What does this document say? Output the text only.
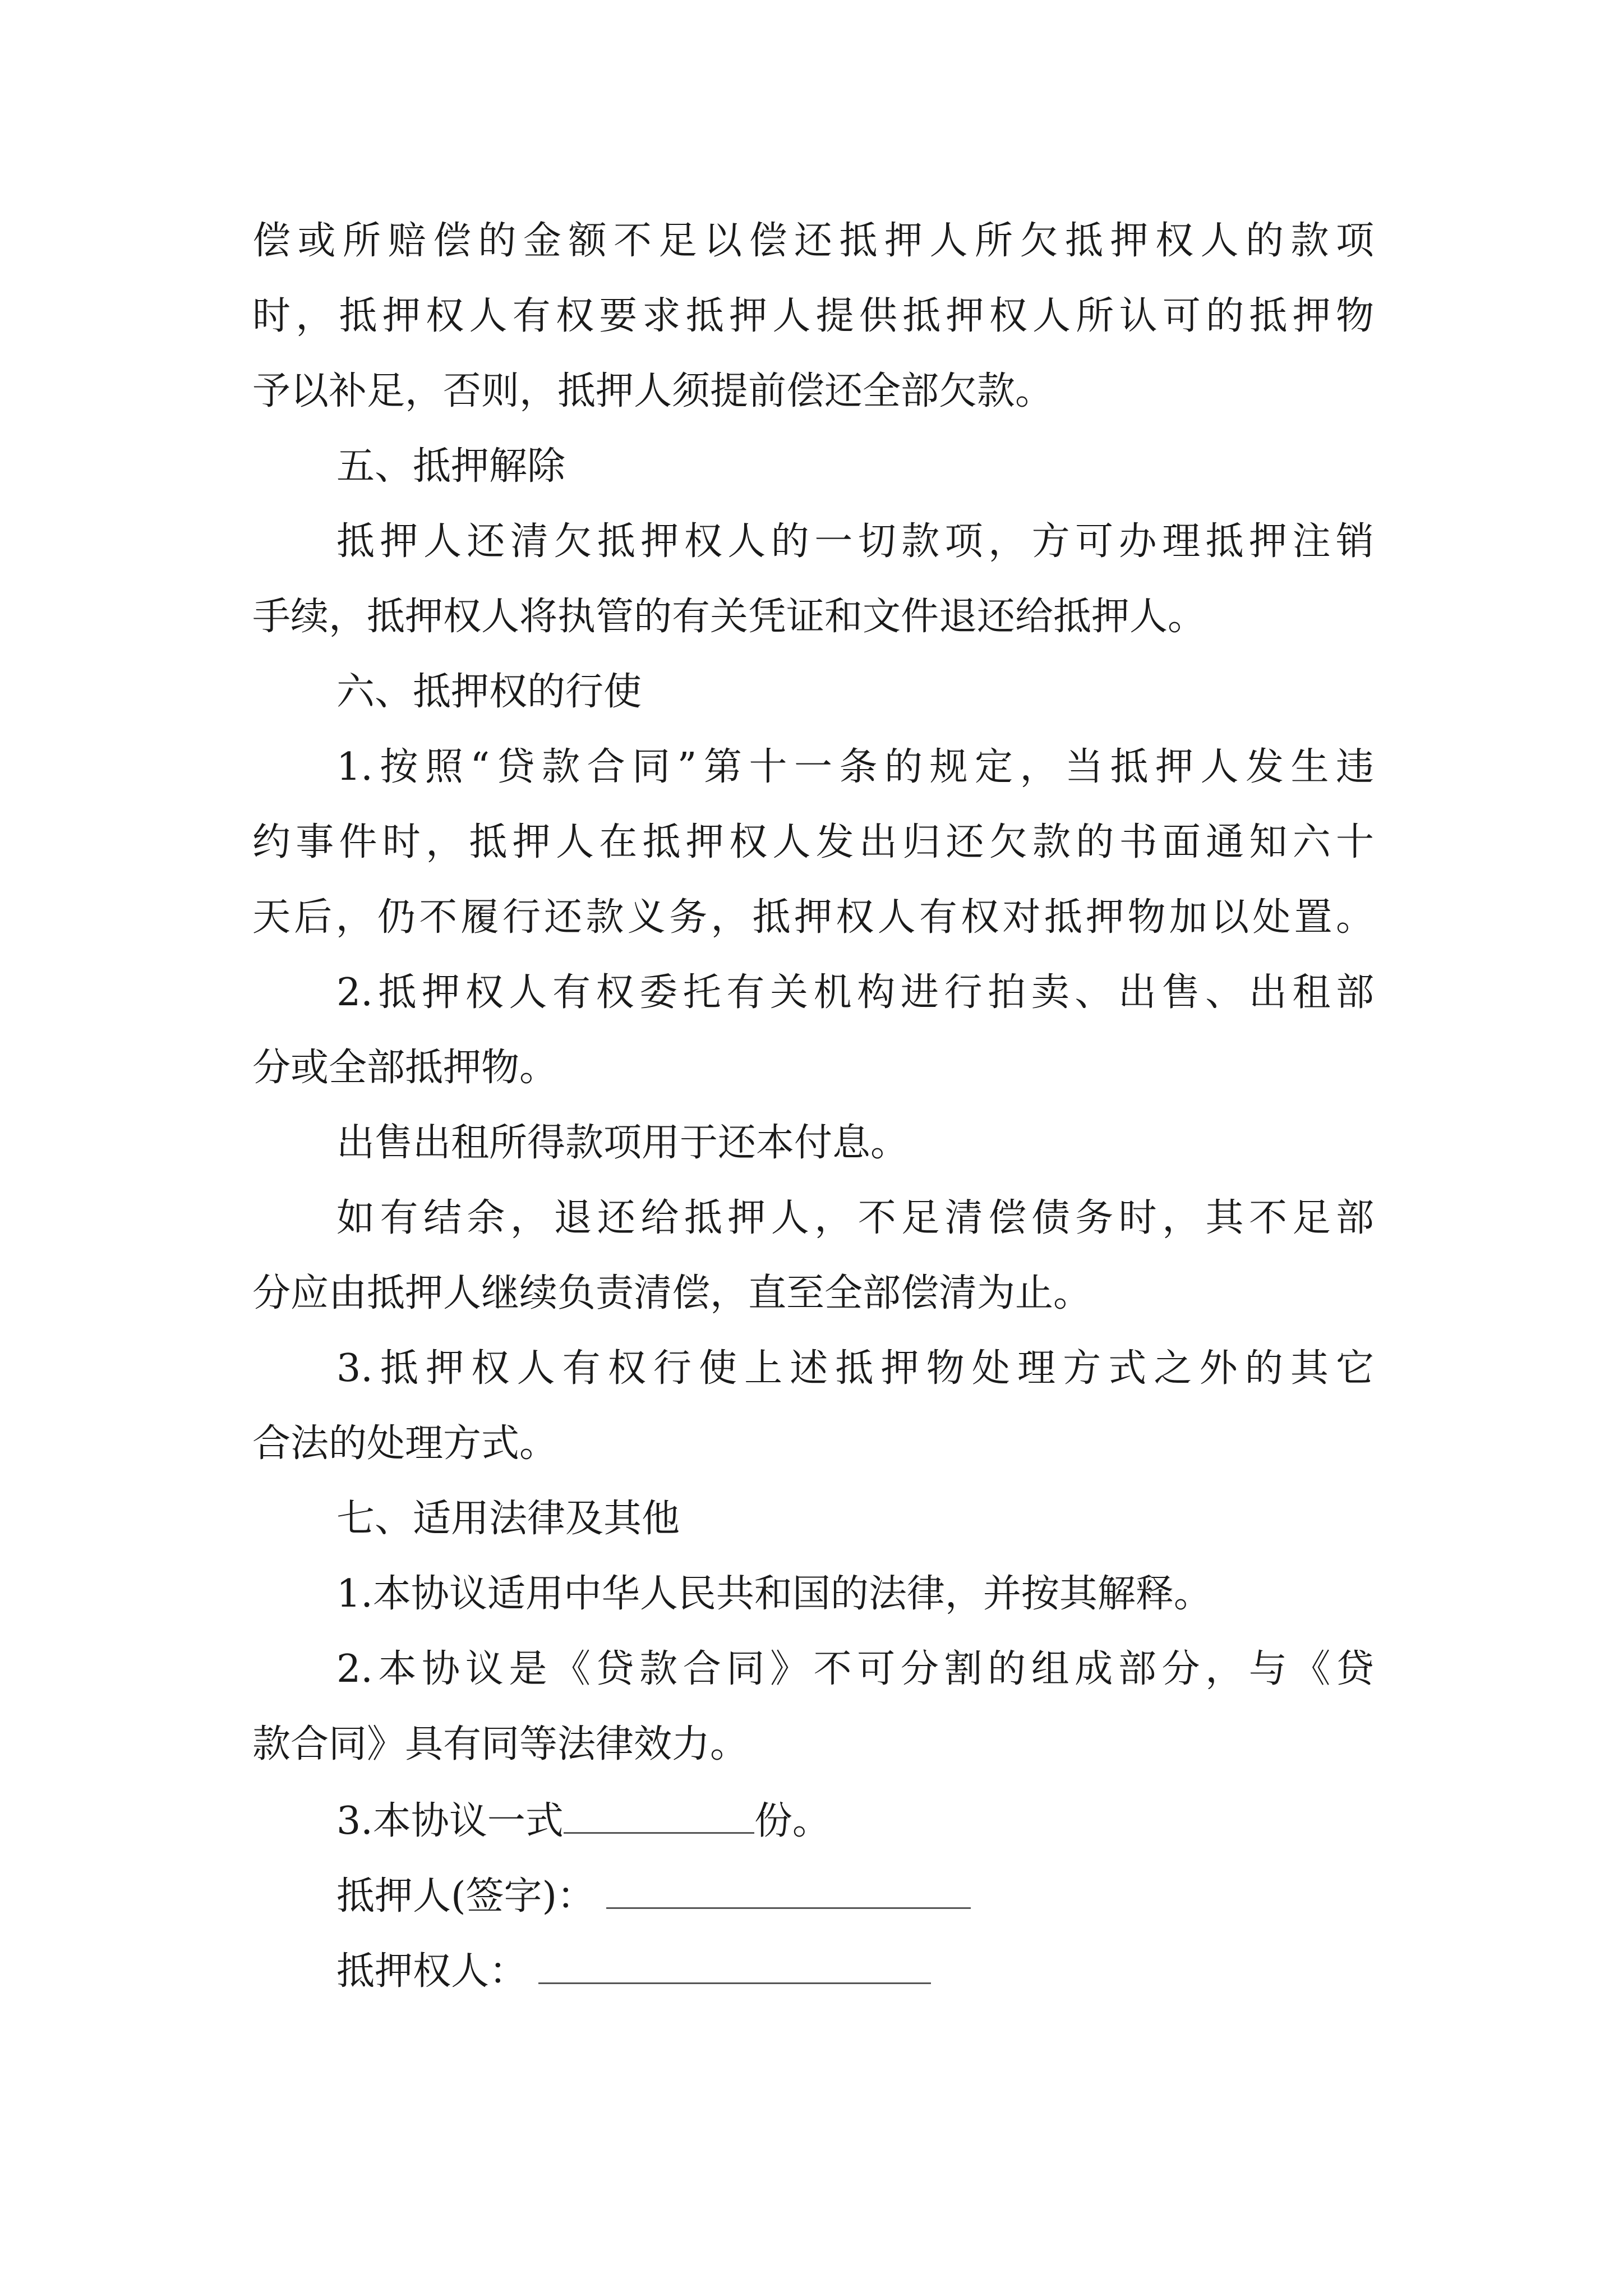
偿或所赔偿的金额不足以偿还抵押人所欠抵押权人的款项
时，抵押权人有权要求抵押人提供抵押权人所认可的抵押物
予以补足，否则，抵押人须提前偿还全部欠款。
五、抵押解除
抵押人还清欠抵押权人的一切款项，方可办理抵押注销
手续，抵押权人将执管的有关凭证和文件退还给抵押人。
六、抵押权的行使
1.按照“贷款合同”第十一条的规定，当抵押人发生违
约事件时，抵押人在抵押权人发出归还欠款的书面通知六十
天后，仍不履行还款义务，抵押权人有权对抵押物加以处置。
2.抵押权人有权委托有关机构进行拍卖、出售、出租部
分或全部抵押物。
出售出租所得款项用于还本付息。
如有结余，退还给抵押人，不足清偿债务时，其不足部
分应由抵押人继续负责清偿，直至全部偿清为止。
3.抵押权人有权行使上述抵押物处理方式之外的其它
合法的处理方式。
七、适用法律及其他
1.本协议适用中华人民共和国的法律，并按其解释。
2.本协议是《贷款合同》不可分割的组成部分，与《贷
款合同》具有同等法律效力。
3.本协议一式	份。
抵押人(签字)：
抵押权人：
